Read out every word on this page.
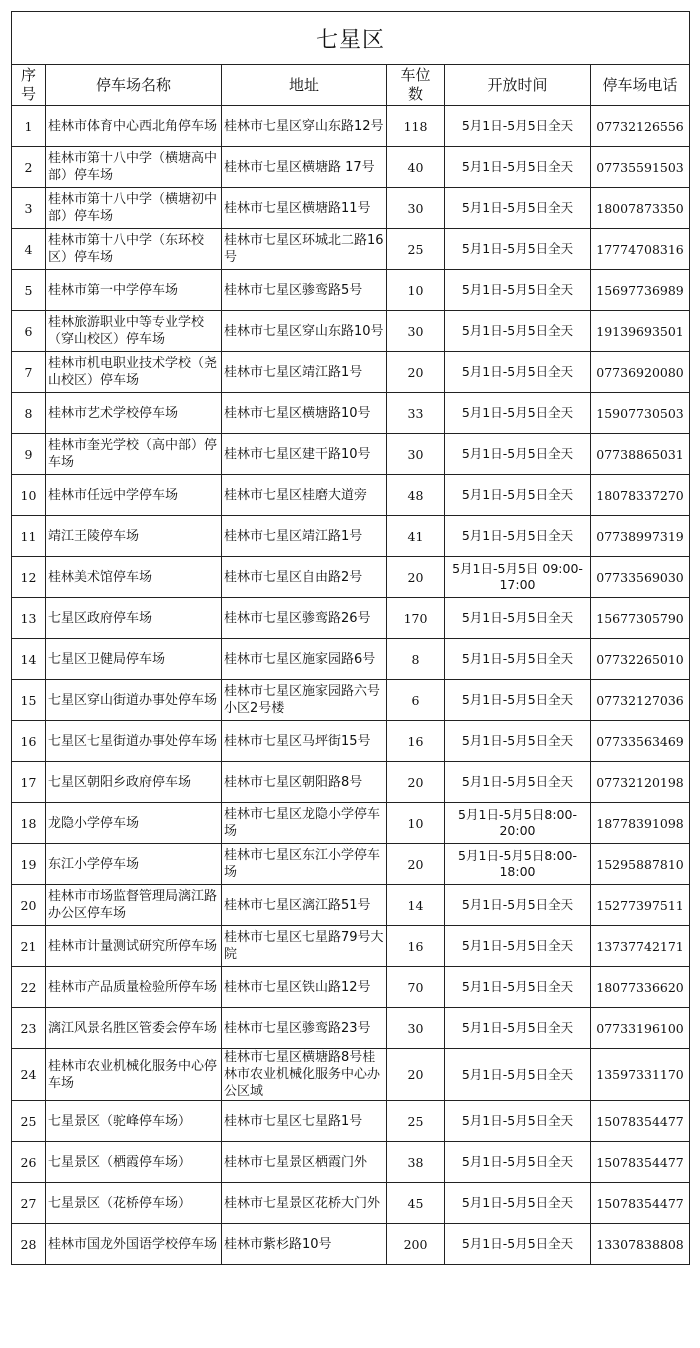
七星区					
序号	停车场名称	地址	车位数	开放时间	停车场电话
1	桂林市体育中心西北角停车场	桂林市七星区穿山东路12号	118	5月1日-5月5日全天	07732126556
2	桂林市第十八中学（横塘高中部）停车场	桂林市七星区横塘路 17号	40	5月1日-5月5日全天	07735591503
3	桂林市第十八中学（横塘初中部）停车场	桂林市七星区横塘路11号	30	5月1日-5月5日全天	18007873350
4	桂林市第十八中学（东环校区）停车场	桂林市七星区环城北二路16号	25	5月1日-5月5日全天	17774708316
5	桂林市第一中学停车场	桂林市七星区骖鸾路5号	10	5月1日-5月5日全天	15697736989
6	桂林旅游职业中等专业学校（穿山校区）停车场	桂林市七星区穿山东路10号	30	5月1日-5月5日全天	19139693501
7	桂林市机电职业技术学校（尧山校区）停车场	桂林市七星区靖江路1号	20	5月1日-5月5日全天	07736920080
8	桂林市艺术学校停车场	桂林市七星区横塘路10号	33	5月1日-5月5日全天	15907730503
9	桂林市奎光学校（高中部）停车场	桂林市七星区建干路10号	30	5月1日-5月5日全天	07738865031
10	桂林市任远中学停车场	桂林市七星区桂磨大道旁	48	5月1日-5月5日全天	18078337270
11	靖江王陵停车场	桂林市七星区靖江路1号	41	5月1日-5月5日全天	07738997319
12	桂林美术馆停车场	桂林市七星区自由路2号	20	5月1日-5月5日 09:00-17:00	07733569030
13	七星区政府停车场	桂林市七星区骖鸾路26号	170	5月1日-5月5日全天	15677305790
14	七星区卫健局停车场	桂林市七星区施家园路6号	8	5月1日-5月5日全天	07732265010
15	七星区穿山街道办事处停车场	桂林市七星区施家园路六号小区2号楼	6	5月1日-5月5日全天	07732127036
16	七星区七星街道办事处停车场	桂林市七星区马坪街15号	16	5月1日-5月5日全天	07733563469
17	七星区朝阳乡政府停车场	桂林市七星区朝阳路8号	20	5月1日-5月5日全天	07732120198
18	龙隐小学停车场	桂林市七星区龙隐小学停车场	10	5月1日-5月5日8:00-20:00	18778391098
19	东江小学停车场	桂林市七星区东江小学停车场	20	5月1日-5月5日8:00-18:00	15295887810
20	桂林市市场监督管理局漓江路办公区停车场	桂林市七星区漓江路51号	14	5月1日-5月5日全天	15277397511
21	桂林市计量测试研究所停车场	桂林市七星区七星路79号大院	16	5月1日-5月5日全天	13737742171
22	桂林市产品质量检验所停车场	桂林市七星区铁山路12号	70	5月1日-5月5日全天	18077336620
23	漓江风景名胜区管委会停车场	桂林市七星区骖鸾路23号	30	5月1日-5月5日全天	07733196100
24	桂林市农业机械化服务中心停车场	桂林市七星区横塘路8号桂林市农业机械化服务中心办公区域	20	5月1日-5月5日全天	13597331170
25	七星景区（驼峰停车场）	桂林市七星区七星路1号	25	5月1日-5月5日全天	15078354477
26	七星景区（栖霞停车场）	桂林市七星景区栖霞门外	38	5月1日-5月5日全天	15078354477
27	七星景区（花桥停车场）	桂林市七星景区花桥大门外	45	5月1日-5月5日全天	15078354477
28	桂林市国龙外国语学校停车场	桂林市紫杉路10号	200	5月1日-5月5日全天	13307838808
